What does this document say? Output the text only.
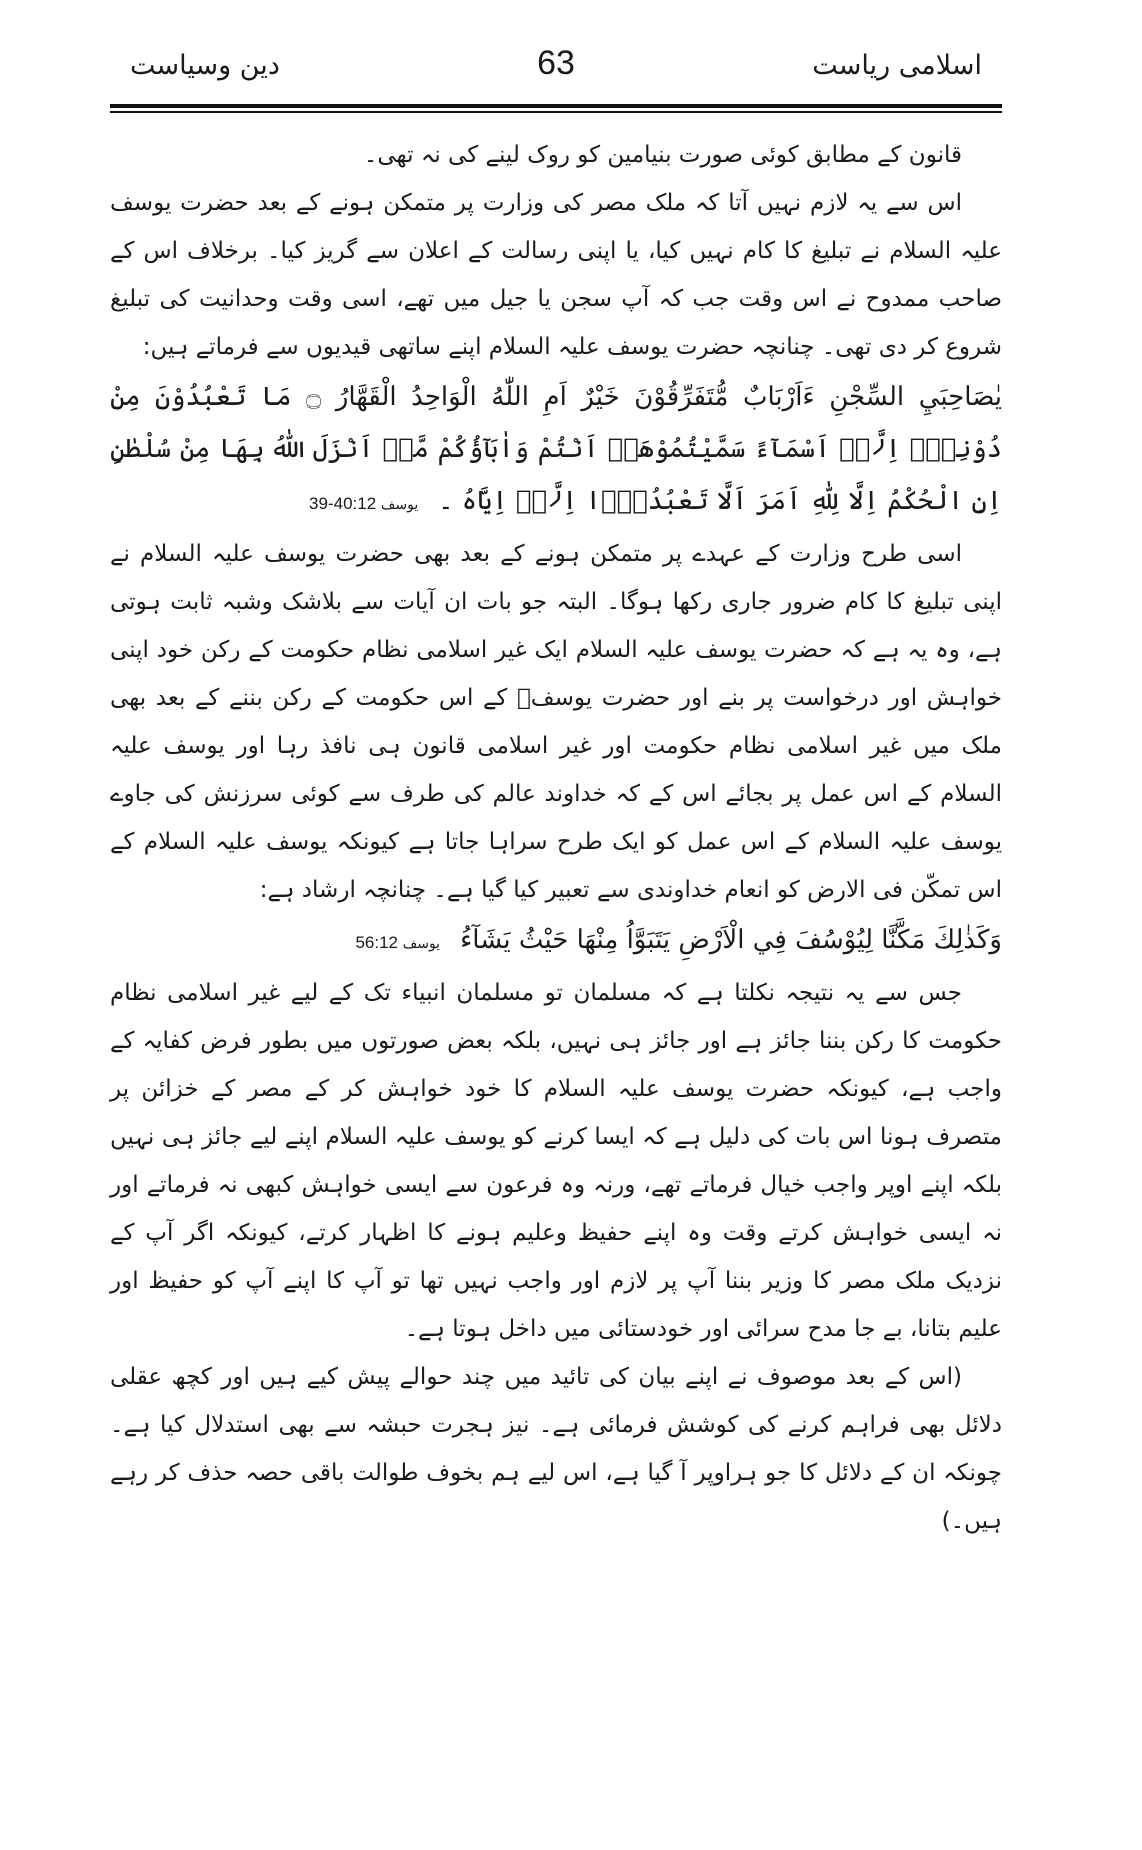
دین وسیاست	63	اسلامی ریاست

قانون کے مطابق کوئی صورت بنیامین کو روک لینے کی نہ تھی۔

اس سے یہ لازم نہیں آتا کہ ملک مصر کی وزارت پر متمکن ہونے کے بعد حضرت یوسف علیہ السلام نے تبلیغ کا کام نہیں کیا، یا اپنی رسالت کے اعلان سے گریز کیا۔ برخلاف اس کے صاحب ممدوح نے اس وقت جب کہ آپ سجن یا جیل میں تھے، اسی وقت وحدانیت کی تبلیغ شروع کر دی تھی۔ چنانچہ حضرت یوسف علیہ السلام اپنے ساتھی قیدیوں سے فرماتے ہیں:

يٰصَاحِبَيِ السِّجْنِ ءَاَرْبَابٌ مُّتَفَرِّقُوْنَ خَيْرٌ اَمِ اللّٰهُ الْوَاحِدُ الْقَهَّارُ ۝ مَا تَعْبُدُوْنَ مِنْ دُوْنِهٖۤ اِلَّاۤ اَسْمَآءً سَمَّيْتُمُوْهَاۤ اَنْتُمْ وَاٰبَآؤُكُمْ مَّاۤ اَنْزَلَ اللّٰهُ بِهَا مِنْ سُلْطٰنٍ اِنِ الْحُكْمُ اِلَّا لِلّٰهِ اَمَرَ اَلَّا تَعْبُدُوْۤا اِلَّاۤ اِيَّاهُ ۔39-40:12 یوسف

اسی طرح وزارت کے عہدے پر متمکن ہونے کے بعد بھی حضرت یوسف علیہ السلام نے اپنی تبلیغ کا کام ضرور جاری رکھا ہوگا۔ البتہ جو بات ان آیات سے بلاشک وشبہ ثابت ہوتی ہے، وہ یہ ہے کہ حضرت یوسف علیہ السلام ایک غیر اسلامی نظام حکومت کے رکن خود اپنی خواہش اور درخواست پر بنے اور حضرت یوسفؑ کے اس حکومت کے رکن بننے کے بعد بھی ملک میں غیر اسلامی نظام حکومت اور غیر اسلامی قانون ہی نافذ رہا اور یوسف علیہ السلام کے اس عمل پر بجائے اس کے کہ خداوند عالم کی طرف سے کوئی سرزنش کی جاوے یوسف علیہ السلام کے اس عمل کو ایک طرح سراہا جاتا ہے کیونکہ یوسف علیہ السلام کے اس تمکّن فی الارض کو انعام خداوندی سے تعبیر کیا گیا ہے۔ چنانچہ ارشاد ہے:

وَكَذٰلِكَ مَكَّنَّا لِيُوْسُفَ فِي الْاَرْضِ يَتَبَوَّاُ مِنْهَا حَيْثُ يَشَآءُ56:12 یوسف

جس سے یہ نتیجہ نکلتا ہے کہ مسلمان تو مسلمان انبیاء تک کے لیے غیر اسلامی نظام حکومت کا رکن بننا جائز ہے اور جائز ہی نہیں، بلکہ بعض صورتوں میں بطور فرض کفایہ کے واجب ہے، کیونکہ حضرت یوسف علیہ السلام کا خود خواہش کر کے مصر کے خزائن پر متصرف ہونا اس بات کی دلیل ہے کہ ایسا کرنے کو یوسف علیہ السلام اپنے لیے جائز ہی نہیں بلکہ اپنے اوپر واجب خیال فرماتے تھے، ورنہ وہ فرعون سے ایسی خواہش کبھی نہ فرماتے اور نہ ایسی خواہش کرتے وقت وہ اپنے حفیظ وعلیم ہونے کا اظہار کرتے، کیونکہ اگر آپ کے نزدیک ملک مصر کا وزیر بننا آپ پر لازم اور واجب نہیں تھا تو آپ کا اپنے آپ کو حفیظ اور علیم بتانا، بے جا مدح سرائی اور خودستائی میں داخل ہوتا ہے۔

(اس کے بعد موصوف نے اپنے بیان کی تائید میں چند حوالے پیش کیے ہیں اور کچھ عقلی دلائل بھی فراہم کرنے کی کوشش فرمائی ہے۔ نیز ہجرت حبشہ سے بھی استدلال کیا ہے۔ چونکہ ان کے دلائل کا جو ہراوپر آ گیا ہے، اس لیے ہم بخوف طوالت باقی حصہ حذف کر رہے ہیں۔)
